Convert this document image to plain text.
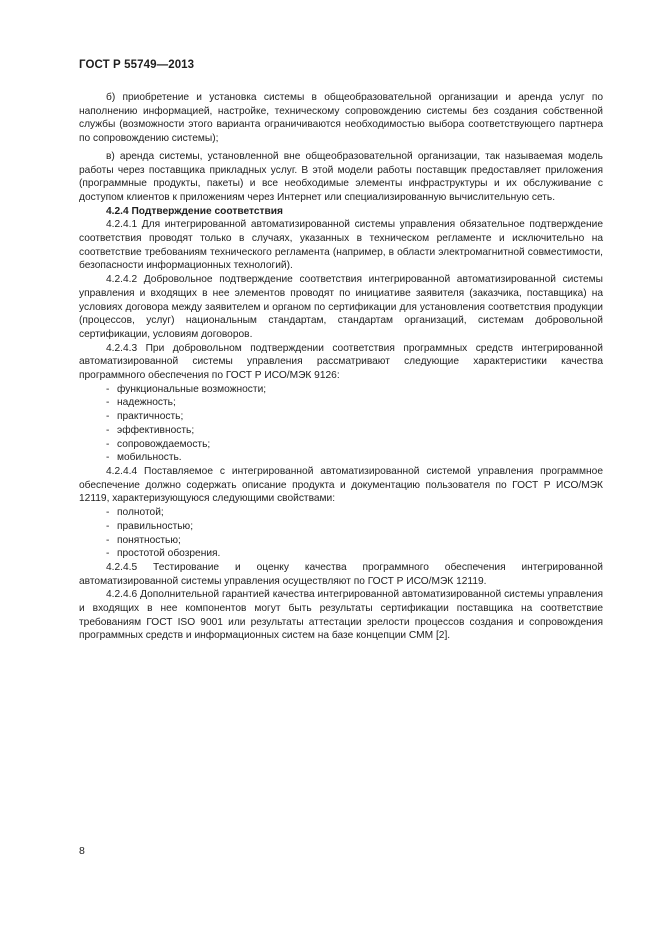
ГОСТ Р 55749—2013

б) приобретение и установка системы в общеобразовательной организации и аренда услуг по наполнению информацией, настройке, техническому сопровождению системы без создания собственной службы (возможности этого варианта ограничиваются необходимостью выбора соответствующего партнера по сопровождению системы);

в) аренда системы, установленной вне общеобразовательной организации, так называемая модель работы через поставщика прикладных услуг. В этой модели работы поставщик предоставляет приложения (программные продукты, пакеты) и все необходимые элементы инфраструктуры и их обслуживание с доступом клиентов к приложениям через Интернет или специализированную вычислительную сеть.

4.2.4 Подтверждение соответствия

4.2.4.1 Для интегрированной автоматизированной системы управления обязательное подтверждение соответствия проводят только в случаях, указанных в техническом регламенте и исключительно на соответствие требованиям технического регламента (например, в области электромагнитной совместимости, безопасности информационных технологий).

4.2.4.2 Добровольное подтверждение соответствия интегрированной автоматизированной системы управления и входящих в нее элементов проводят по инициативе заявителя (заказчика, поставщика) на условиях договора между заявителем и органом по сертификации для установления соответствия продукции (процессов, услуг) национальным стандартам, стандартам организаций, системам добровольной сертификации, условиям договоров.

4.2.4.3 При добровольном подтверждении соответствия программных средств интегрированной автоматизированной системы управления рассматривают следующие характеристики качества программного обеспечения по ГОСТ Р ИСО/МЭК 9126:

- функциональные возможности;
- надежность;
- практичность;
- эффективность;
- сопровождаемость;
- мобильность.

4.2.4.4 Поставляемое с интегрированной автоматизированной системой управления программное обеспечение должно содержать описание продукта и документацию пользователя по ГОСТ Р ИСО/МЭК 12119, характеризующуюся следующими свойствами:

- полнотой;
- правильностью;
- понятностью;
- простотой обозрения.

4.2.4.5 Тестирование и оценку качества программного обеспечения интегрированной автоматизированной системы управления осуществляют по ГОСТ Р ИСО/МЭК 12119.

4.2.4.6 Дополнительной гарантией качества интегрированной автоматизированной системы управления и входящих в нее компонентов могут быть результаты сертификации поставщика на соответствие требованиям ГОСТ ISO 9001 или результаты аттестации зрелости процессов создания и сопровождения программных средств и информационных систем на базе концепции СММ [2].

8
